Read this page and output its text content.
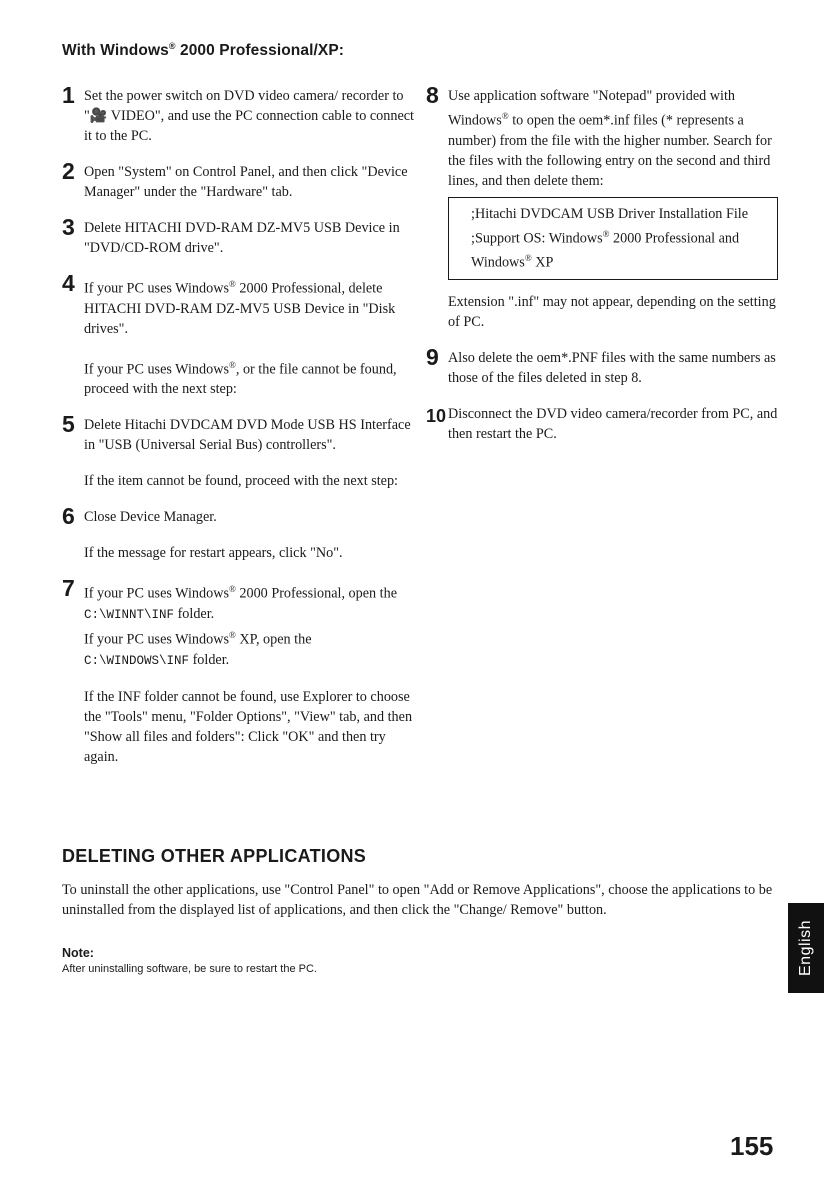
With Windows® 2000 Professional/XP:
1 Set the power switch on DVD video camera/ recorder to "🎥 VIDEO", and use the PC connection cable to connect it to the PC.
2 Open "System" on Control Panel, and then click "Device Manager" under the "Hardware" tab.
3 Delete HITACHI DVD-RAM DZ-MV5 USB Device in "DVD/CD-ROM drive".
4 If your PC uses Windows® 2000 Professional, delete HITACHI DVD-RAM DZ-MV5 USB Device in "Disk drives".
If your PC uses Windows®, or the file cannot be found, proceed with the next step:
5 Delete Hitachi DVDCAM DVD Mode USB HS Interface in "USB (Universal Serial Bus) controllers".
If the item cannot be found, proceed with the next step:
6 Close Device Manager.
If the message for restart appears, click "No".
7 If your PC uses Windows® 2000 Professional, open the C:\WINNT\INF folder.
If your PC uses Windows® XP, open the C:\WINDOWS\INF folder.
If the INF folder cannot be found, use Explorer to choose the "Tools" menu, "Folder Options", "View" tab, and then "Show all files and folders": Click "OK" and then try again.
8 Use application software "Notepad" provided with Windows® to open the oem*.inf files (* represents a number) from the file with the higher number. Search for the files with the following entry on the second and third lines, and then delete them:
;Hitachi DVDCAM USB Driver Installation File
;Support OS: Windows® 2000 Professional and Windows® XP
Extension ".inf" may not appear, depending on the setting of PC.
9 Also delete the oem*.PNF files with the same numbers as those of the files deleted in step 8.
10 Disconnect the DVD video camera/recorder from PC, and then restart the PC.
DELETING OTHER APPLICATIONS
To uninstall the other applications, use "Control Panel" to open "Add or Remove Applications", choose the applications to be uninstalled from the displayed list of applications, and then click the "Change/ Remove" button.
Note:
After uninstalling software, be sure to restart the PC.	English
155
